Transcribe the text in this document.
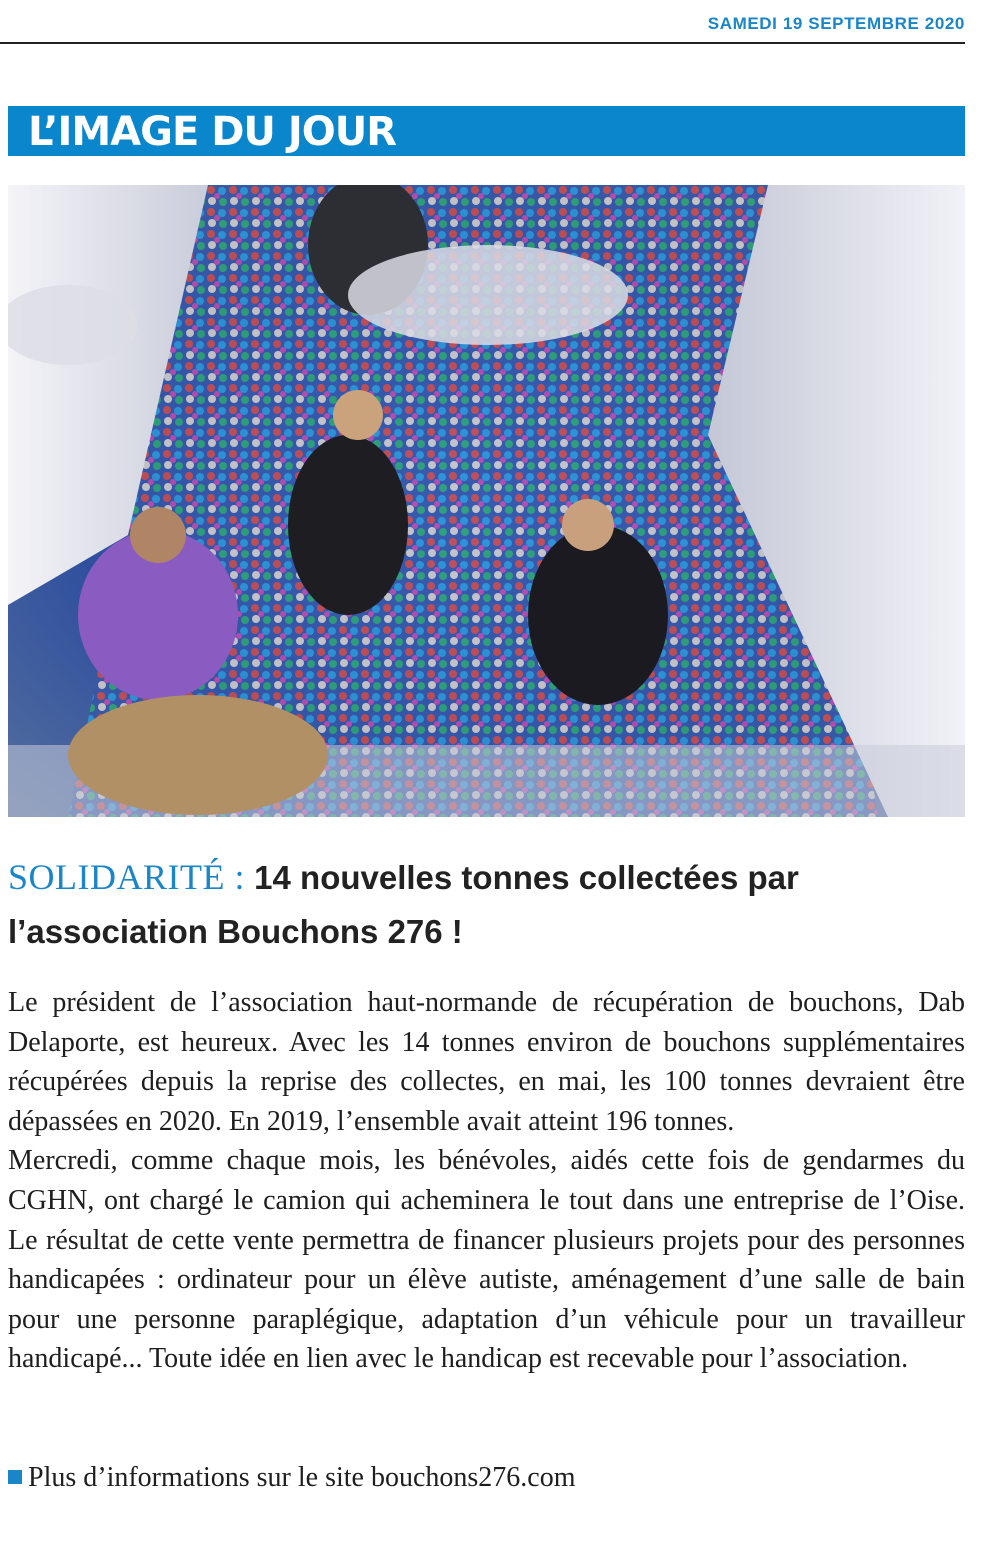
SAMEDI 19 SEPTEMBRE 2020
L’IMAGE DU JOUR
SOLIDARITÉ : 14 nouvelles tonnes collectées par l’association Bouchons 276 !

Le président de l’association haut-normande de récupération de bouchons, Dab Delaporte, est heureux. Avec les 14 tonnes environ de bouchons supplémentaires récupérées depuis la reprise des collectes, en mai, les 100 tonnes devraient être dépassées en 2020. En 2019, l’ensemble avait atteint 196 tonnes.

Mercredi, comme chaque mois, les bénévoles, aidés cette fois de gendarmes du CGHN, ont chargé le camion qui acheminera le tout dans une entreprise de l’Oise. Le résultat de cette vente permettra de financer plusieurs projets pour des personnes handicapées : ordinateur pour un élève autiste, aménagement d’une salle de bain pour une personne paraplégique, adaptation d’un véhicule pour un travailleur handicapé... Toute idée en lien avec le handicap est recevable pour l’association.

Plus d’informations sur le site bouchons276.com
